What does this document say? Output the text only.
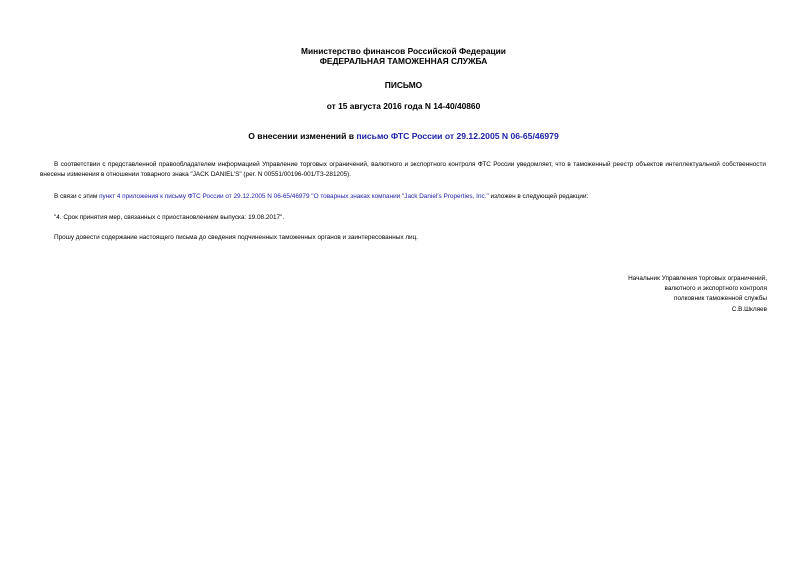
Министерство финансов Российской Федерации
ФЕДЕРАЛЬНАЯ ТАМОЖЕННАЯ СЛУЖБА
ПИСЬМО
от 15 августа 2016 года N 14-40/40860
О внесении изменений в письмо ФТС России от 29.12.2005 N 06-65/46979

В соответствии с представленной правообладателем информацией Управление торговых ограничений, валютного и экспортного контроля ФТС России уведомляет, что в таможенный реестр объектов интеллектуальной собственности внесены изменения в отношении товарного знака "JACK DANIEL'S" (рег. N 00551/00196-001/ТЗ-281205).

В связи с этим пункт 4 приложения к письму ФТС России от 29.12.2005 N 06-65/46979 "О товарных знаках компании "Jack Daniel's Properties, Inc." изложен в следующей редакции:

"4. Срок принятия мер, связанных с приостановлением выпуска: 19.08.2017".

Прошу довести содержание настоящего письма до сведения подчиненных таможенных органов и заинтересованных лиц.

Начальник Управления торговых ограничений,
валютного и экспортного контроля
полковник таможенной службы
С.В.Шкляев
